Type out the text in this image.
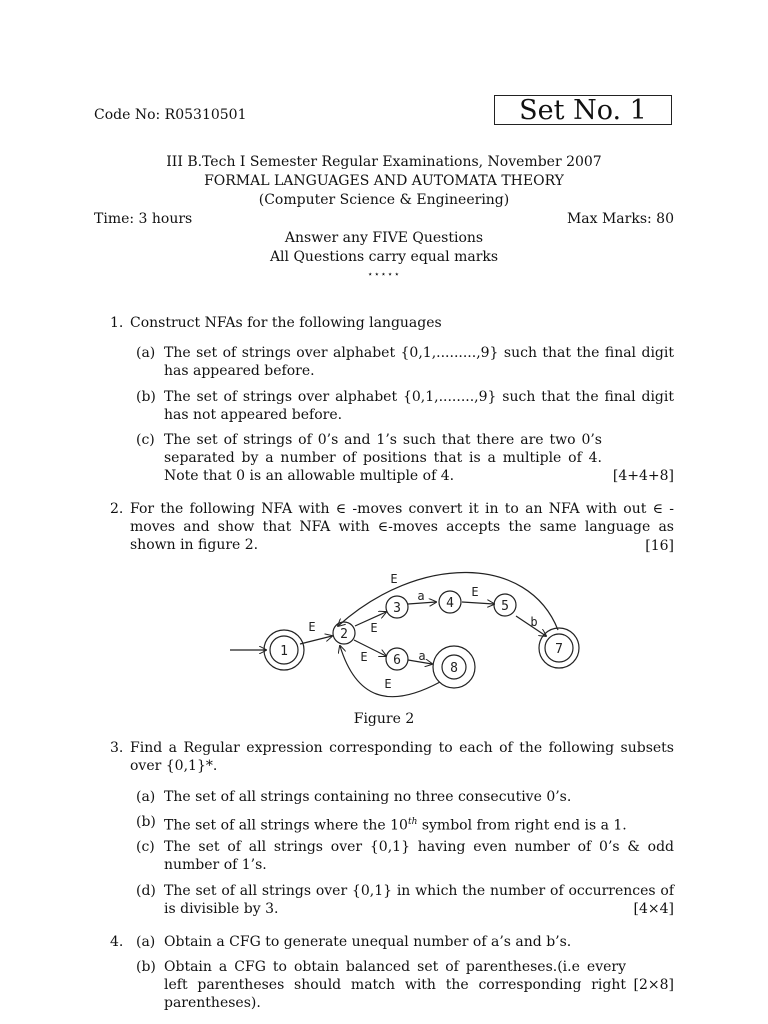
Code No: R05310501	Set No. 1
III B.Tech I Semester Regular Examinations, November 2007
FORMAL LANGUAGES AND AUTOMATA THEORY
(Computer Science & Engineering)
Time: 3 hours	Max Marks: 80
Answer any FIVE Questions
All Questions carry equal marks
⋆⋆⋆⋆⋆
1. Construct NFAs for the following languages
(a) The set of strings over alphabet {0,1,.........,9} such that the final digit has appeared before.
(b) The set of strings over alphabet {0,1,........,9} such that the final digit has not appeared before.
(c) The set of strings of 0’s and 1’s such that there are two 0’s separated by a number of positions that is a multiple of 4. Note that 0 is an allowable multiple of 4.	[4+4+8]
2. For the following NFA with ∈ -moves convert it in to an NFA with out ∈ -moves and show that NFA with ∈-moves accepts the same language as shown in figure 2.	[16]
1
2
3	4	5
6
7
8
E
E	E
E
a
E
b
a
E
Figure 2
3. Find a Regular expression corresponding to each of the following subsets over {0,1}*.
(a) The set of all strings containing no three consecutive 0’s.
(b) The set of all strings where the 10th symbol from right end is a 1.
(c) The set of all strings over {0,1} having even number of 0’s & odd number of 1’s.
(d) The set of all strings over {0,1} in which the number of occurrences of is divisible by 3.	[4×4]
4. (a) Obtain a CFG to generate unequal number of a’s and b’s.
(b) Obtain a CFG to obtain balanced set of parentheses.(i.e every left parentheses should match with the corresponding right parentheses).
[2×8]
